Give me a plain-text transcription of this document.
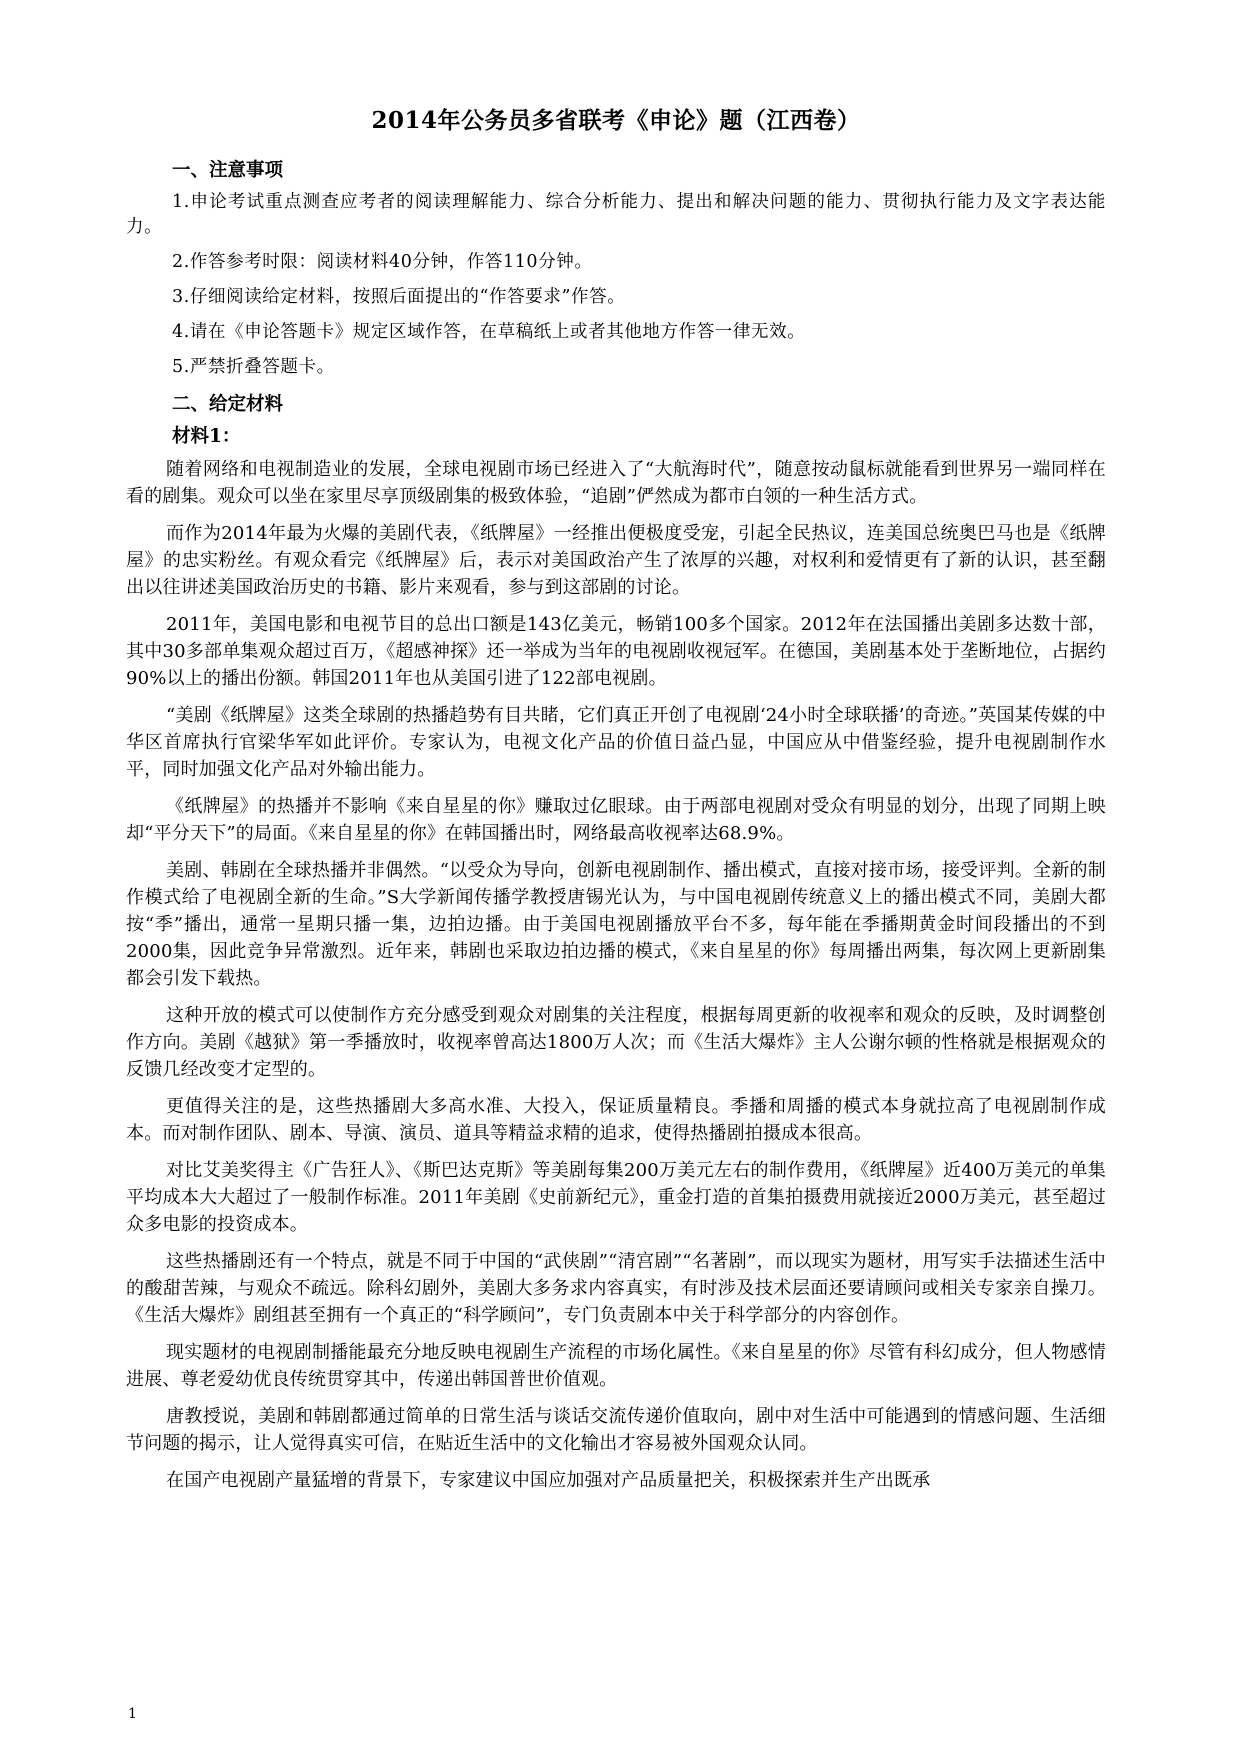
2014年公务员多省联考《申论》题（江西卷）
一、注意事项

1.申论考试重点测查应考者的阅读理解能力、综合分析能力、提出和解决问题的能力、贯彻执行能力及文字表达能力。

2.作答参考时限：阅读材料40分钟，作答110分钟。

3.仔细阅读给定材料，按照后面提出的“作答要求”作答。

4.请在《申论答题卡》规定区域作答，在草稿纸上或者其他地方作答一律无效。

5.严禁折叠答题卡。

二、给定材料
材料1：

随着网络和电视制造业的发展，全球电视剧市场已经进入了“大航海时代”，随意按动鼠标就能看到世界另一端同样在看的剧集。观众可以坐在家里尽享顶级剧集的极致体验，“追剧”俨然成为都市白领的一种生活方式。

而作为2014年最为火爆的美剧代表，《纸牌屋》一经推出便极度受宠，引起全民热议，连美国总统奥巴马也是《纸牌屋》的忠实粉丝。有观众看完《纸牌屋》后，表示对美国政治产生了浓厚的兴趣，对权利和爱情更有了新的认识，甚至翻出以往讲述美国政治历史的书籍、影片来观看，参与到这部剧的讨论。

2011年，美国电影和电视节目的总出口额是143亿美元，畅销100多个国家。2012年在法国播出美剧多达数十部，其中30多部单集观众超过百万，《超感神探》还一举成为当年的电视剧收视冠军。在德国，美剧基本处于垄断地位，占据约90%以上的播出份额。韩国2011年也从美国引进了122部电视剧。

“美剧《纸牌屋》这类全球剧的热播趋势有目共睹，它们真正开创了电视剧‘24小时全球联播’的奇迹。”英国某传媒的中华区首席执行官梁华军如此评价。专家认为，电视文化产品的价值日益凸显，中国应从中借鉴经验，提升电视剧制作水平，同时加强文化产品对外输出能力。

《纸牌屋》的热播并不影响《来自星星的你》赚取过亿眼球。由于两部电视剧对受众有明显的划分，出现了同期上映却“平分天下”的局面。《来自星星的你》在韩国播出时，网络最高收视率达68.9%。

美剧、韩剧在全球热播并非偶然。“以受众为导向，创新电视剧制作、播出模式，直接对接市场，接受评判。全新的制作模式给了电视剧全新的生命。”S大学新闻传播学教授唐锡光认为，与中国电视剧传统意义上的播出模式不同，美剧大都按“季”播出，通常一星期只播一集，边拍边播。由于美国电视剧播放平台不多，每年能在季播期黄金时间段播出的不到2000集，因此竞争异常激烈。近年来，韩剧也采取边拍边播的模式，《来自星星的你》每周播出两集，每次网上更新剧集都会引发下载热。

这种开放的模式可以使制作方充分感受到观众对剧集的关注程度，根据每周更新的收视率和观众的反映，及时调整创作方向。美剧《越狱》第一季播放时，收视率曾高达1800万人次；而《生活大爆炸》主人公谢尔顿的性格就是根据观众的反馈几经改变才定型的。

更值得关注的是，这些热播剧大多高水准、大投入，保证质量精良。季播和周播的模式本身就拉高了电视剧制作成本。而对制作团队、剧本、导演、演员、道具等精益求精的追求，使得热播剧拍摄成本很高。

对比艾美奖得主《广告狂人》、《斯巴达克斯》等美剧每集200万美元左右的制作费用，《纸牌屋》近400万美元的单集平均成本大大超过了一般制作标准。2011年美剧《史前新纪元》，重金打造的首集拍摄费用就接近2000万美元，甚至超过众多电影的投资成本。

这些热播剧还有一个特点，就是不同于中国的“武侠剧”“清宫剧”“名著剧”，而以现实为题材，用写实手法描述生活中的酸甜苦辣，与观众不疏远。除科幻剧外，美剧大多务求内容真实，有时涉及技术层面还要请顾问或相关专家亲自操刀。《生活大爆炸》剧组甚至拥有一个真正的“科学顾问”，专门负责剧本中关于科学部分的内容创作。

现实题材的电视剧制播能最充分地反映电视剧生产流程的市场化属性。《来自星星的你》尽管有科幻成分，但人物感情进展、尊老爱幼优良传统贯穿其中，传递出韩国普世价值观。

唐教授说，美剧和韩剧都通过简单的日常生活与谈话交流传递价值取向，剧中对生活中可能遇到的情感问题、生活细节问题的揭示，让人觉得真实可信，在贴近生活中的文化输出才容易被外国观众认同。

在国产电视剧产量猛增的背景下，专家建议中国应加强对产品质量把关，积极探索并生产出既承

1
